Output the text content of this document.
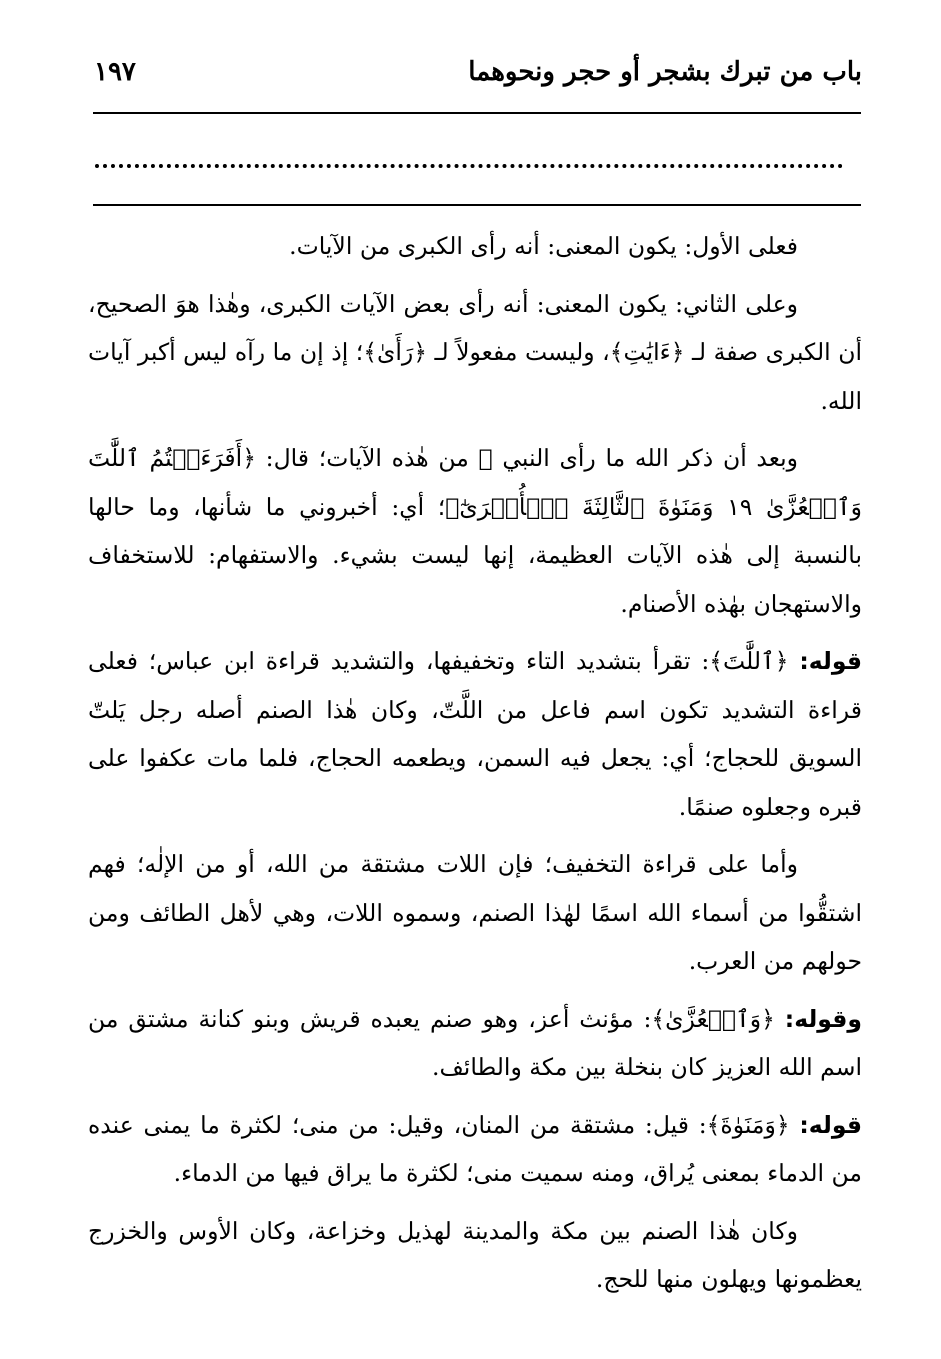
باب من تبرك بشجر أو حجر ونحوهما
١٩٧

فعلى الأول: يكون المعنى: أنه رأى الكبرى من الآيات.

وعلى الثاني: يكون المعنى: أنه رأى بعض الآيات الكبرى، وهٰذا هوَ الصحيح، أن الكبرى صفة لـ ﴿ءَايَٰتِ﴾، وليست مفعولاً لـ ﴿رَأَىٰ﴾؛ إذ إن ما رآه ليس أكبر آيات الله.

وبعد أن ذكر الله ما رأى النبي ﷺ من هٰذه الآيات؛ قال: ﴿أَفَرَءَيۡتُمُ ٱللَّٰتَ وَٱلۡعُزَّىٰ ١٩ وَمَنَوٰةَ ٱلثَّالِثَةَ ٱلۡأُخۡرَىٰٓ﴾؛ أي: أخبروني ما شأنها، وما حالها بالنسبة إلى هٰذه الآيات العظيمة، إنها ليست بشيء. والاستفهام: للاستخفاف والاستهجان بهٰذه الأصنام.

قوله: ﴿ٱللَّٰتَ﴾: تقرأ بتشديد التاء وتخفيفها، والتشديد قراءة ابن عباس؛ فعلى قراءة التشديد تكون اسم فاعل من اللَّتّ، وكان هٰذا الصنم أصله رجل يَلتّ السويق للحجاج؛ أي: يجعل فيه السمن، ويطعمه الحجاج، فلما مات عكفوا على قبره وجعلوه صنمًا.

وأما على قراءة التخفيف؛ فإن اللات مشتقة من الله، أو من الإلٰه؛ فهم اشتقُّوا من أسماء الله اسمًا لهٰذا الصنم، وسموه اللات، وهي لأهل الطائف ومن حولهم من العرب.

وقوله: ﴿وَٱلۡعُزَّىٰ﴾: مؤنث أعز، وهو صنم يعبده قريش وبنو كنانة مشتق من اسم الله العزيز كان بنخلة بين مكة والطائف.

قوله: ﴿وَمَنَوٰةَ﴾: قيل: مشتقة من المنان، وقيل: من منى؛ لكثرة ما يمنى عنده من الدماء بمعنى يُراق، ومنه سميت منى؛ لكثرة ما يراق فيها من الدماء.

وكان هٰذا الصنم بين مكة والمدينة لهذيل وخزاعة، وكان الأوس والخزرج يعظمونها ويهلون منها للحج.
